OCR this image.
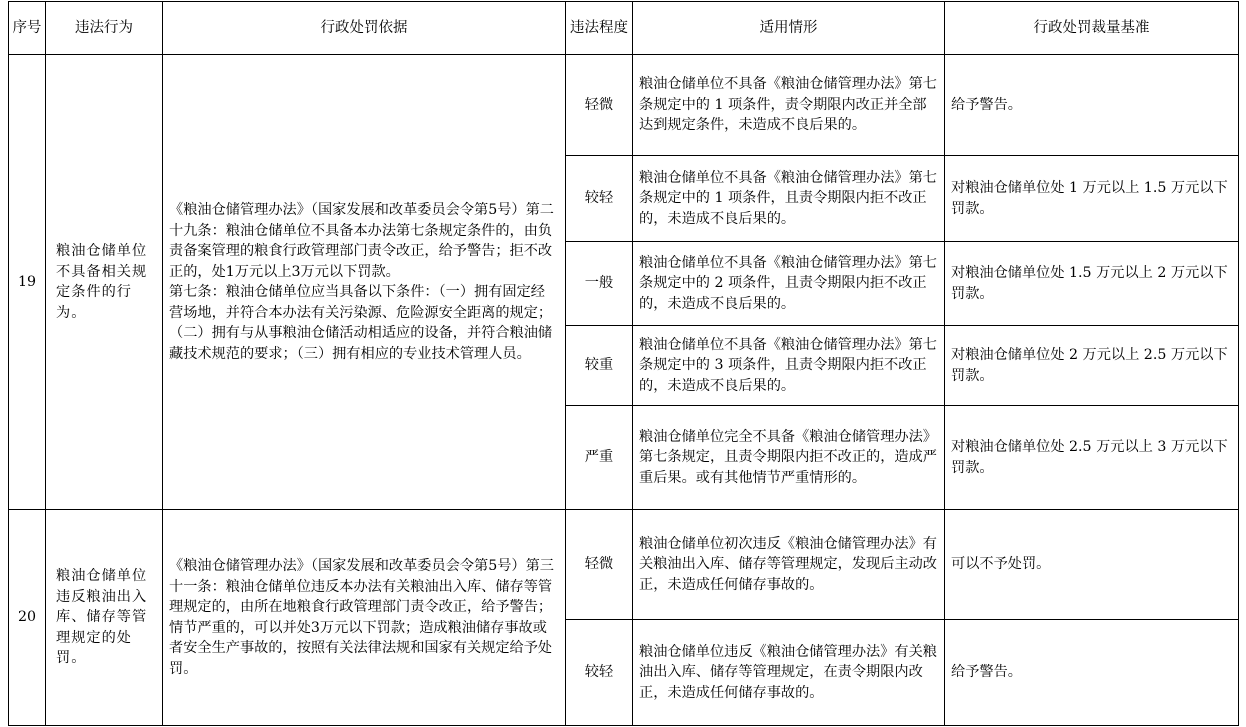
序号	违法行为	行政处罚依据	违法程度	适用情形	行政处罚裁量基准
19	粮油仓储单位不具备相关规定条件的行为。	《粮油仓储管理办法》（国家发展和改革委员会令第5号）第二十九条：粮油仓储单位不具备本办法第七条规定条件的，由负责备案管理的粮食行政管理部门责令改正，给予警告；拒不改正的，处1万元以上3万元以下罚款。
第七条：粮油仓储单位应当具备以下条件：（一）拥有固定经营场地，并符合本办法有关污染源、危险源安全距离的规定；（二）拥有与从事粮油仓储活动相适应的设备，并符合粮油储藏技术规范的要求；（三）拥有相应的专业技术管理人员。	轻微	粮油仓储单位不具备《粮油仓储管理办法》第七条规定中的 1 项条件，责令期限内改正并全部达到规定条件，未造成不良后果的。	给予警告。
			较轻	粮油仓储单位不具备《粮油仓储管理办法》第七条规定中的 1 项条件，且责令期限内拒不改正的，未造成不良后果的。	对粮油仓储单位处 1 万元以上 1.5 万元以下罚款。
			一般	粮油仓储单位不具备《粮油仓储管理办法》第七条规定中的 2 项条件，且责令期限内拒不改正的，未造成不良后果的。	对粮油仓储单位处 1.5 万元以上 2 万元以下罚款。
			较重	粮油仓储单位不具备《粮油仓储管理办法》第七条规定中的 3 项条件，且责令期限内拒不改正的，未造成不良后果的。	对粮油仓储单位处 2 万元以上 2.5 万元以下罚款。
			严重	粮油仓储单位完全不具备《粮油仓储管理办法》第七条规定，且责令期限内拒不改正的，造成严重后果。或有其他情节严重情形的。	对粮油仓储单位处 2.5 万元以上 3 万元以下罚款。
20	粮油仓储单位违反粮油出入库、储存等管理规定的处罚。	《粮油仓储管理办法》（国家发展和改革委员会令第5号）第三十一条：粮油仓储单位违反本办法有关粮油出入库、储存等管理规定的，由所在地粮食行政管理部门责令改正，给予警告；情节严重的，可以并处3万元以下罚款；造成粮油储存事故或者安全生产事故的，按照有关法律法规和国家有关规定给予处罚。	轻微	粮油仓储单位初次违反《粮油仓储管理办法》有关粮油出入库、储存等管理规定，发现后主动改正，未造成任何储存事故的。	可以不予处罚。
			较轻	粮油仓储单位违反《粮油仓储管理办法》有关粮油出入库、储存等管理规定，在责令期限内改正，未造成任何储存事故的。	给予警告。
